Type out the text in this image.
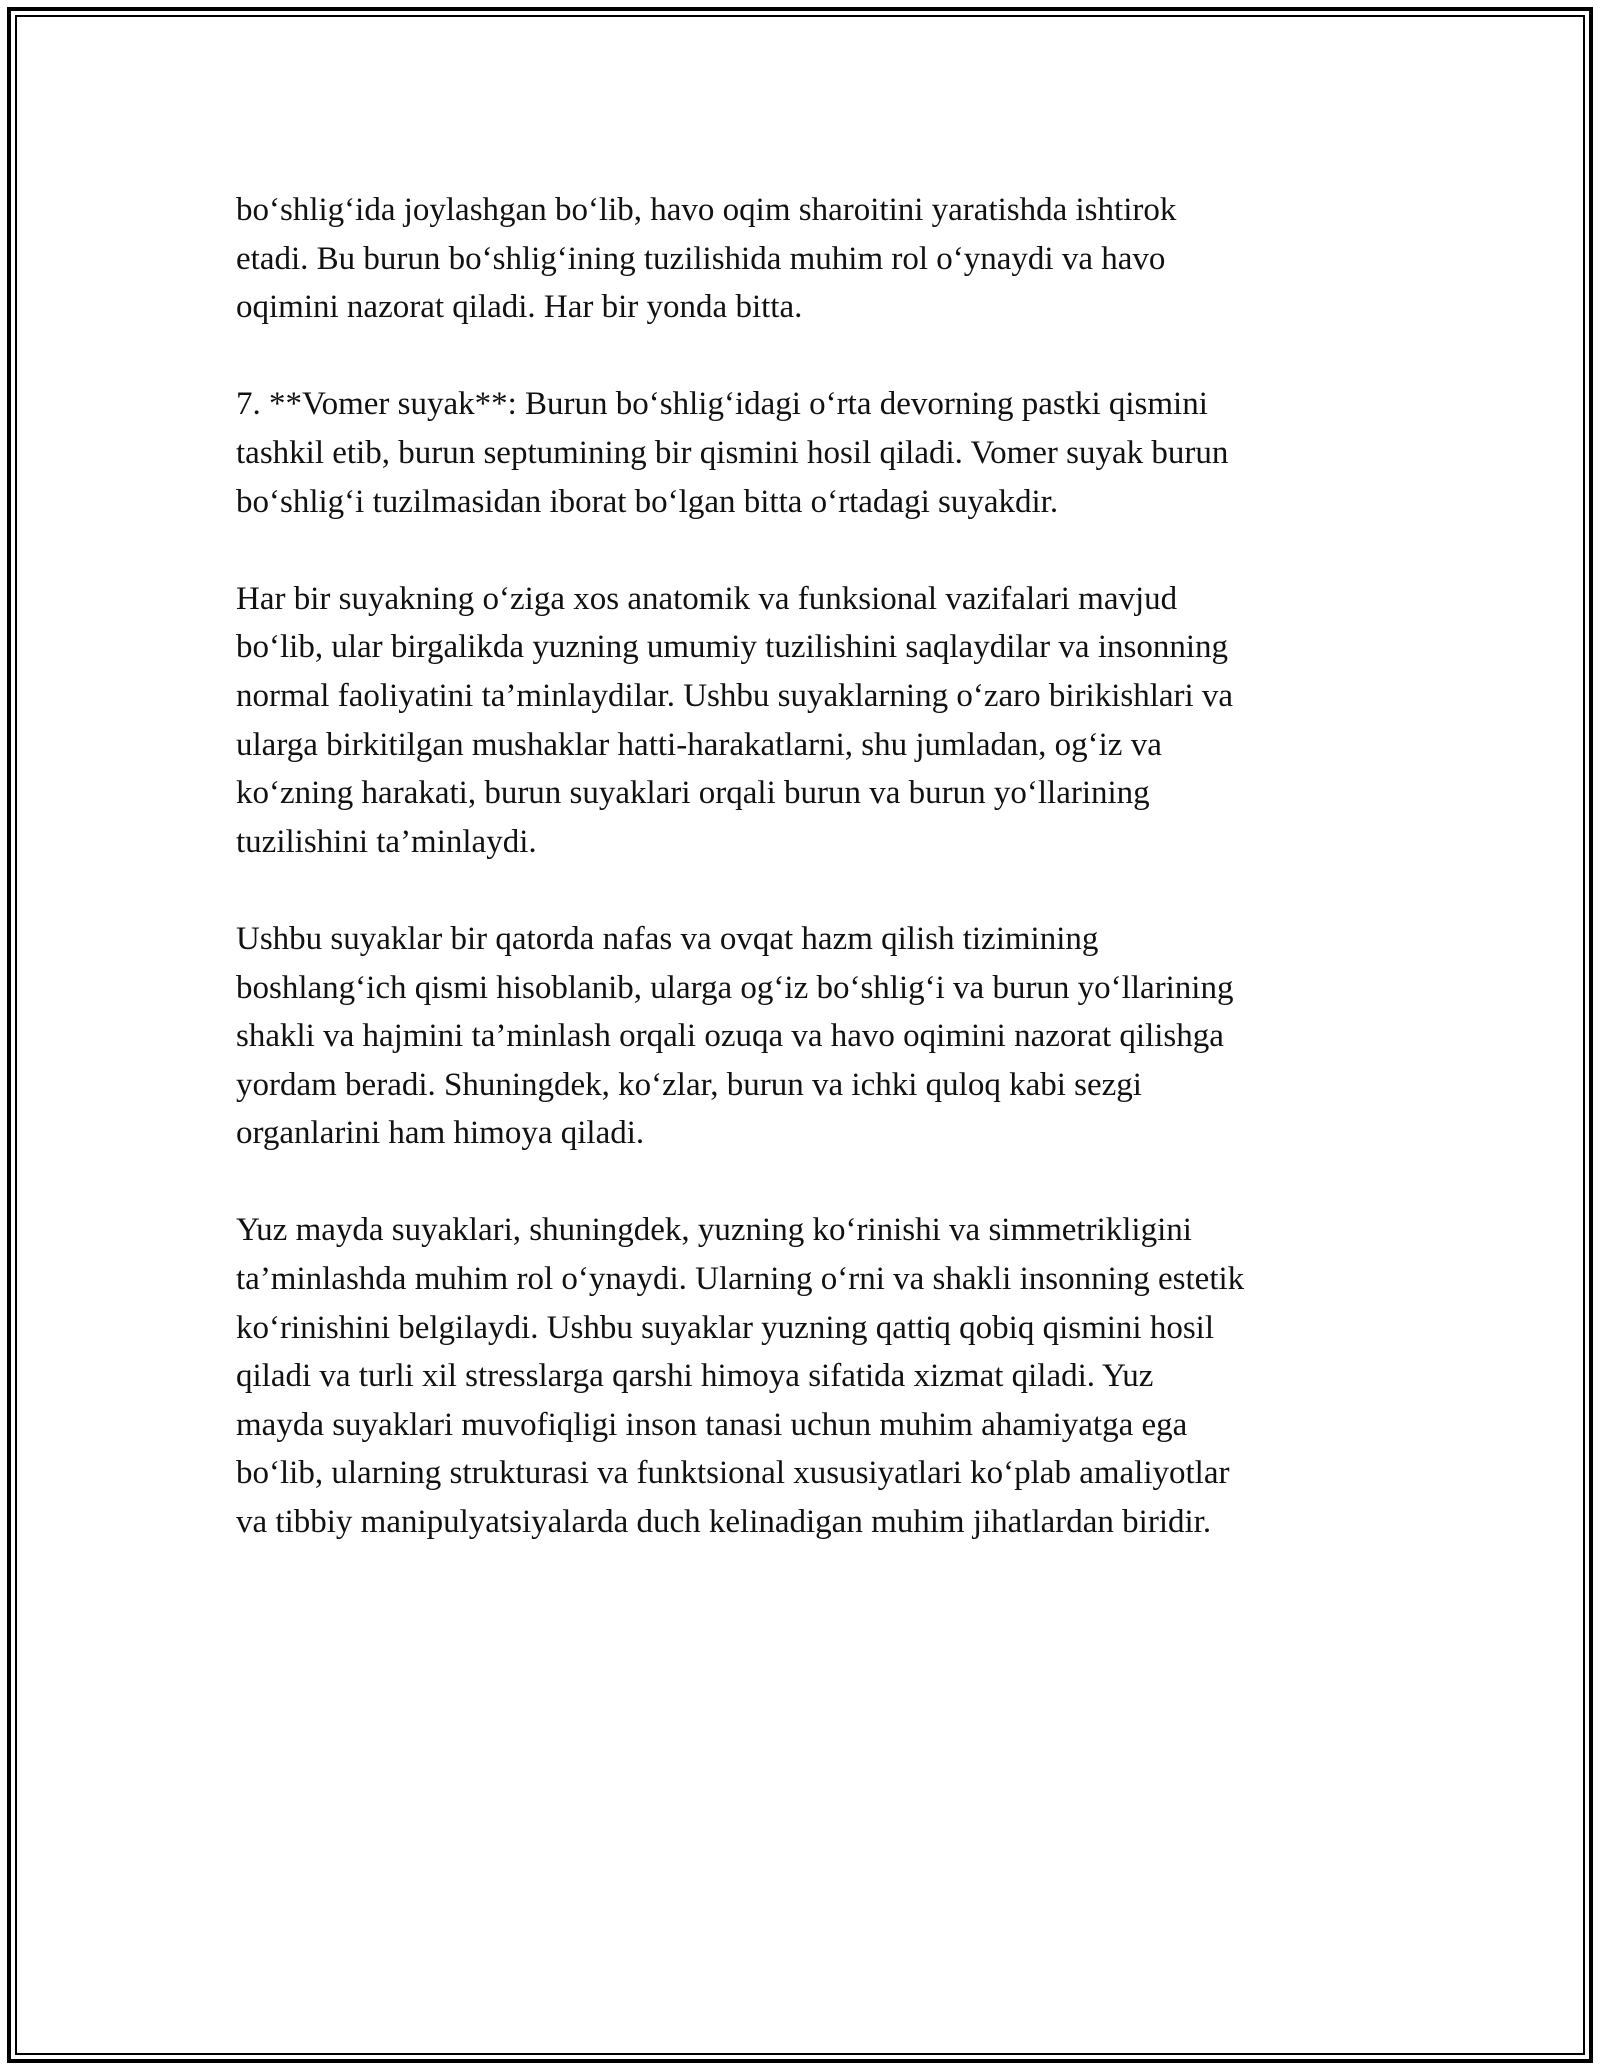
bo‘shlig‘ida joylashgan bo‘lib, havo oqim sharoitini yaratishda ishtirok
etadi. Bu burun bo‘shlig‘ining tuzilishida muhim rol o‘ynaydi va havo
oqimini nazorat qiladi. Har bir yonda bitta.

7. **Vomer suyak**: Burun bo‘shlig‘idagi o‘rta devorning pastki qismini
tashkil etib, burun septumining bir qismini hosil qiladi. Vomer suyak burun
bo‘shlig‘i tuzilmasidan iborat bo‘lgan bitta o‘rtadagi suyakdir.

Har bir suyakning o‘ziga xos anatomik va funksional vazifalari mavjud
bo‘lib, ular birgalikda yuzning umumiy tuzilishini saqlaydilar va insonning
normal faoliyatini ta’minlaydilar. Ushbu suyaklarning o‘zaro birikishlari va
ularga birkitilgan mushaklar hatti-harakatlarni, shu jumladan, og‘iz va
ko‘zning harakati, burun suyaklari orqali burun va burun yo‘llarining
tuzilishini ta’minlaydi.

Ushbu suyaklar bir qatorda nafas va ovqat hazm qilish tizimining
boshlang‘ich qismi hisoblanib, ularga og‘iz bo‘shlig‘i va burun yo‘llarining
shakli va hajmini ta’minlash orqali ozuqa va havo oqimini nazorat qilishga
yordam beradi. Shuningdek, ko‘zlar, burun va ichki quloq kabi sezgi
organlarini ham himoya qiladi.

Yuz mayda suyaklari, shuningdek, yuzning ko‘rinishi va simmetrikligini
ta’minlashda muhim rol o‘ynaydi. Ularning o‘rni va shakli insonning estetik
ko‘rinishini belgilaydi. Ushbu suyaklar yuzning qattiq qobiq qismini hosil
qiladi va turli xil stresslarga qarshi himoya sifatida xizmat qiladi. Yuz
mayda suyaklari muvofiqligi inson tanasi uchun muhim ahamiyatga ega
bo‘lib, ularning strukturasi va funktsional xususiyatlari ko‘plab amaliyotlar
va tibbiy manipulyatsiyalarda duch kelinadigan muhim jihatlardan biridir.
